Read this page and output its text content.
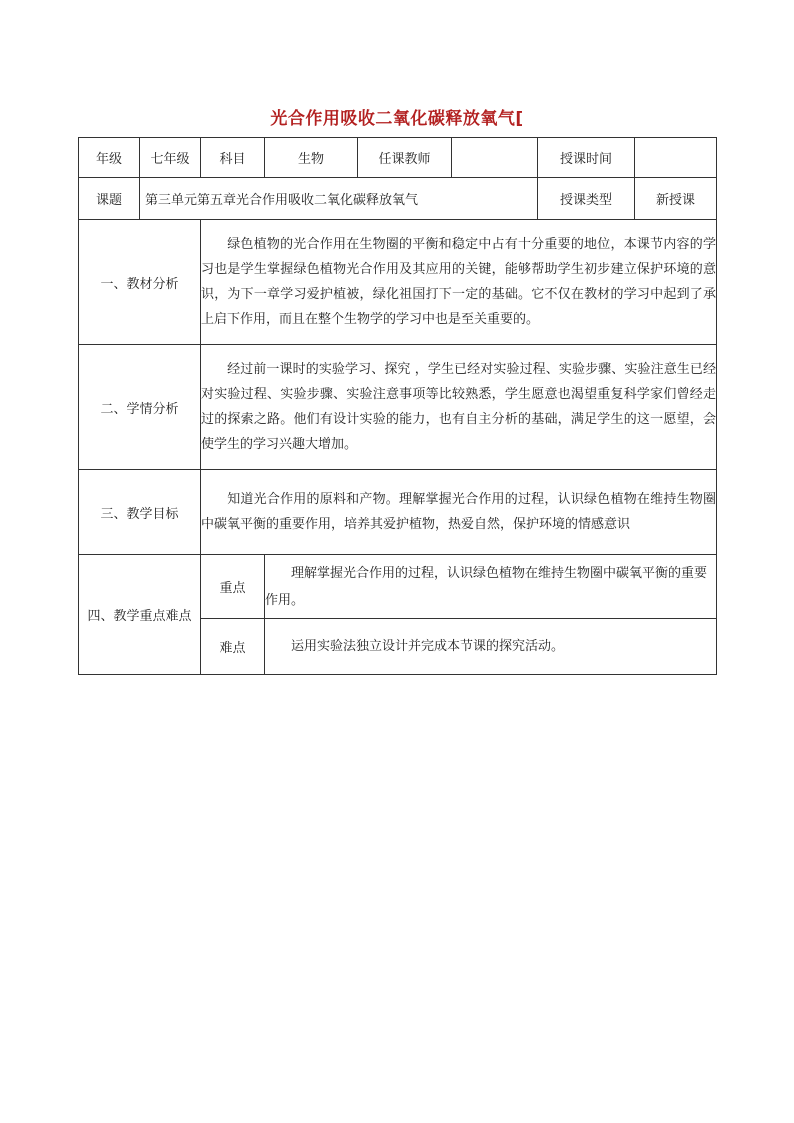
光合作用吸收二氧化碳释放氧气[
年级	七年级	科目	生物	任课教师		授课时间	
课题	第三单元第五章光合作用吸收二氧化碳释放氧气					授课类型	新授课
一、教材分析		绿色植物的光合作用在生物圈的平衡和稳定中占有十分重要的地位，本课节内容的学习也是学生掌握绿色植物光合作用及其应用的关键，能够帮助学生初步建立保护环境的意识，为下一章学习爱护植被，绿化祖国打下一定的基础。它不仅在教材的学习中起到了承上启下作用，而且在整个生物学的学习中也是至关重要的。					
二、学情分析		经过前一课时的实验学习、探究 ，学生已经对实验过程、实验步骤、实验注意生已经对实验过程、实验步骤、实验注意事项等比较熟悉，学生愿意也渴望重复科学家们曾经走过的探索之路。他们有设计实验的能力，也有自主分析的基础，满足学生的这一愿望，会使学生的学习兴趣大增加。					
三、教学目标		知道光合作用的原料和产物。理解掌握光合作用的过程，认识绿色植物在维持生物圈中碳氧平衡的重要作用，培养其爱护植物，热爱自然，保护环境的情感意识					
四、教学重点难点		重点	理解掌握光合作用的过程，认识绿色植物在维持生物圈中碳氧平衡的重要作用。				
		难点	运用实验法独立设计并完成本节课的探究活动。				
